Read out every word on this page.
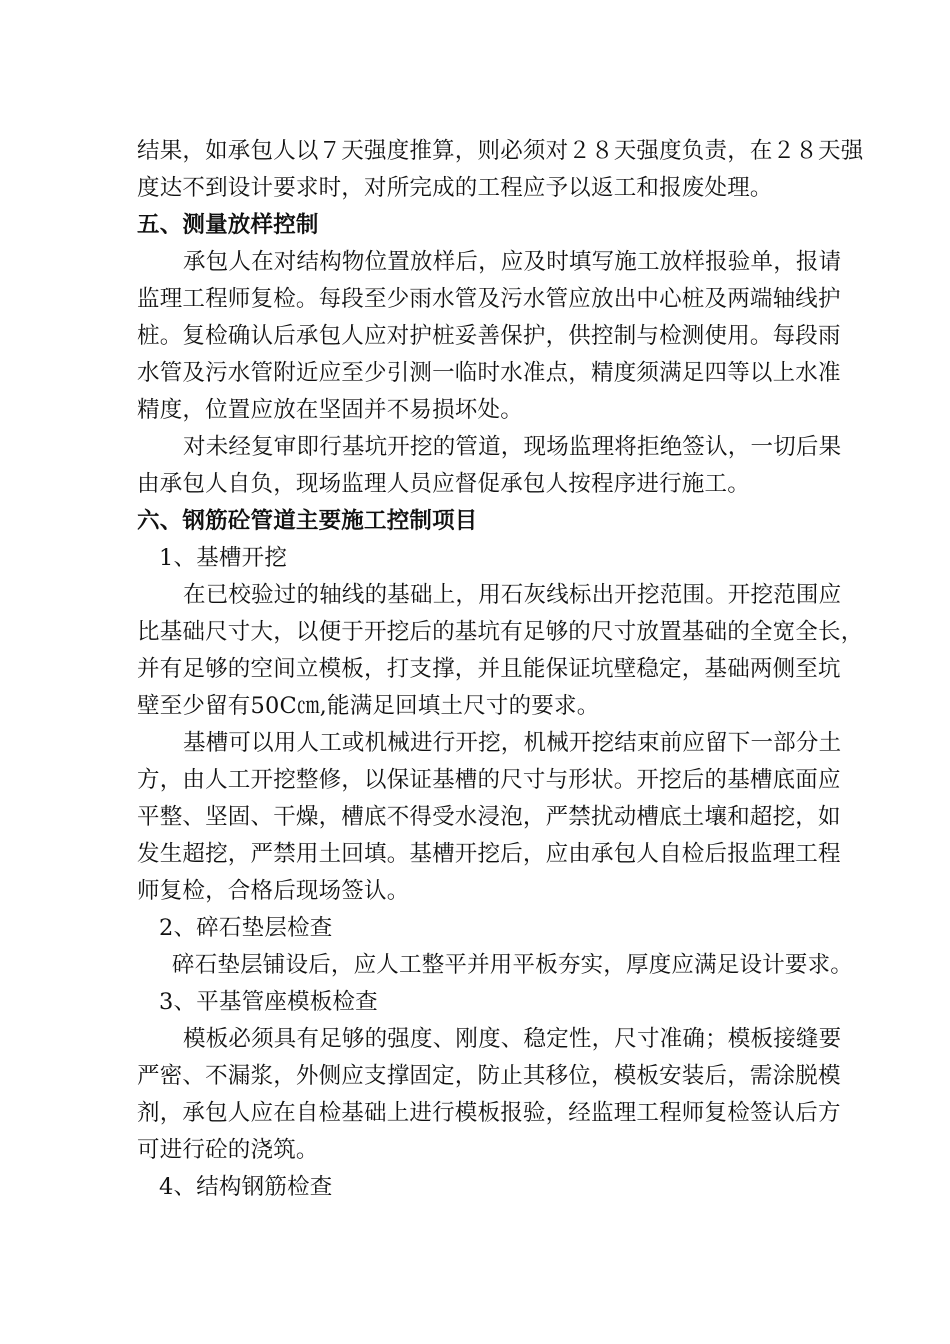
结果，如承包人以７天强度推算，则必须对２８天强度负责，在２８天强
度达不到设计要求时，对所完成的工程应予以返工和报废处理。
五、测量放样控制
承包人在对结构物位置放样后，应及时填写施工放样报验单，报请
监理工程师复检。每段至少雨水管及污水管应放出中心桩及两端轴线护
桩。复检确认后承包人应对护桩妥善保护，供控制与检测使用。每段雨
水管及污水管附近应至少引测一临时水准点，精度须满足四等以上水准
精度，位置应放在坚固并不易损坏处。
对未经复审即行基坑开挖的管道，现场监理将拒绝签认，一切后果
由承包人自负，现场监理人员应督促承包人按程序进行施工。
六、钢筋砼管道主要施工控制项目
1、基槽开挖
在已校验过的轴线的基础上，用石灰线标出开挖范围。开挖范围应
比基础尺寸大，以便于开挖后的基坑有足够的尺寸放置基础的全宽全长，
并有足够的空间立模板，打支撑，并且能保证坑壁稳定，基础两侧至坑
壁至少留有50C㎝,能满足回填土尺寸的要求。
基槽可以用人工或机械进行开挖，机械开挖结束前应留下一部分土
方，由人工开挖整修，以保证基槽的尺寸与形状。开挖后的基槽底面应
平整、坚固、干燥，槽底不得受水浸泡，严禁扰动槽底土壤和超挖，如
发生超挖，严禁用土回填。基槽开挖后，应由承包人自检后报监理工程
师复检，合格后现场签认。
2、碎石垫层检查
碎石垫层铺设后，应人工整平并用平板夯实，厚度应满足设计要求。
3、平基管座模板检查
模板必须具有足够的强度、刚度、稳定性，尺寸准确；模板接缝要
严密、不漏浆，外侧应支撑固定，防止其移位，模板安装后，需涂脱模
剂，承包人应在自检基础上进行模板报验，经监理工程师复检签认后方
可进行砼的浇筑。
4、结构钢筋检查
